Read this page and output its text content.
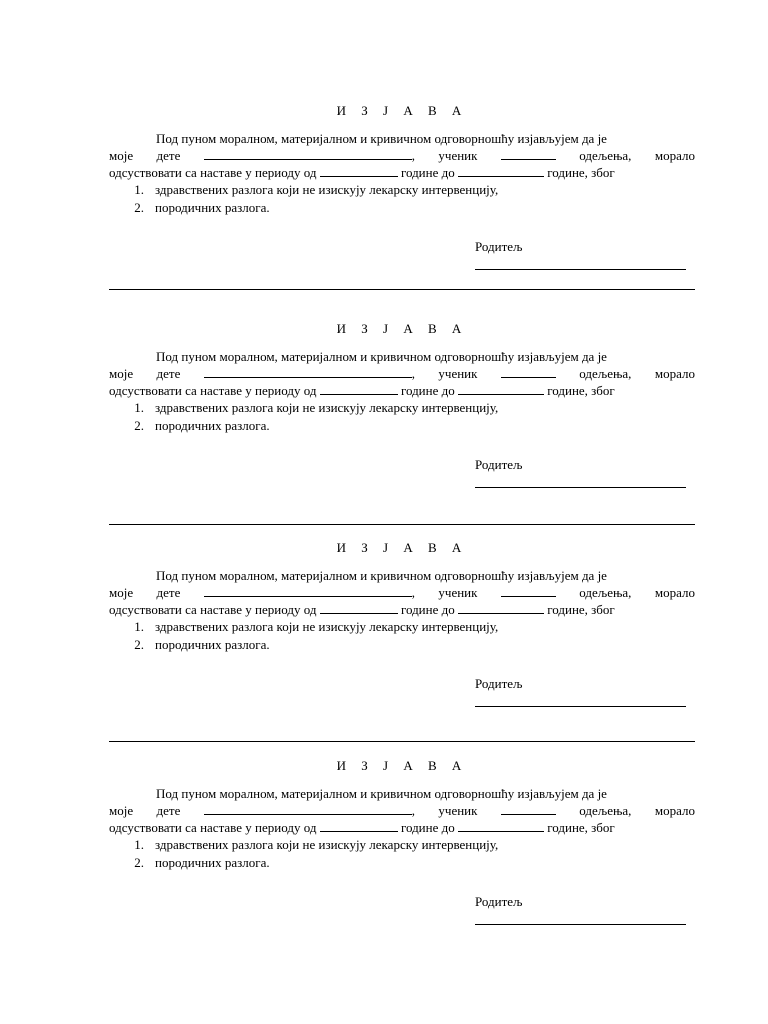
И З Ј А В А
Под пуном моралном, материјалном и кривичном одговорношћу изјављујем да је
моје дете	, ученик	одељења, морало
одсуствовати са наставе у периоду од	године до	године, због
1. здравствених разлога који не изискују лекарску интервенцију,
2. породичних разлога.
Родитељ
И З Ј А В А
Под пуном моралном, материјалном и кривичном одговорношћу изјављујем да је
моје дете	, ученик	одељења, морало
одсуствовати са наставе у периоду од	године до	године, због
1. здравствених разлога који не изискују лекарску интервенцију,
2. породичних разлога.
Родитељ
И З Ј А В А
Под пуном моралном, материјалном и кривичном одговорношћу изјављујем да је
моје дете	, ученик	одељења, морало
одсуствовати са наставе у периоду од	године до	године, због
1. здравствених разлога који не изискују лекарску интервенцију,
2. породичних разлога.
Родитељ
И З Ј А В А
Под пуном моралном, материјалном и кривичном одговорношћу изјављујем да је
моје дете	, ученик	одељења, морало
одсуствовати са наставе у периоду од	године до	године, због
1. здравствених разлога који не изискују лекарску интервенцију,
2. породичних разлога.
Родитељ
